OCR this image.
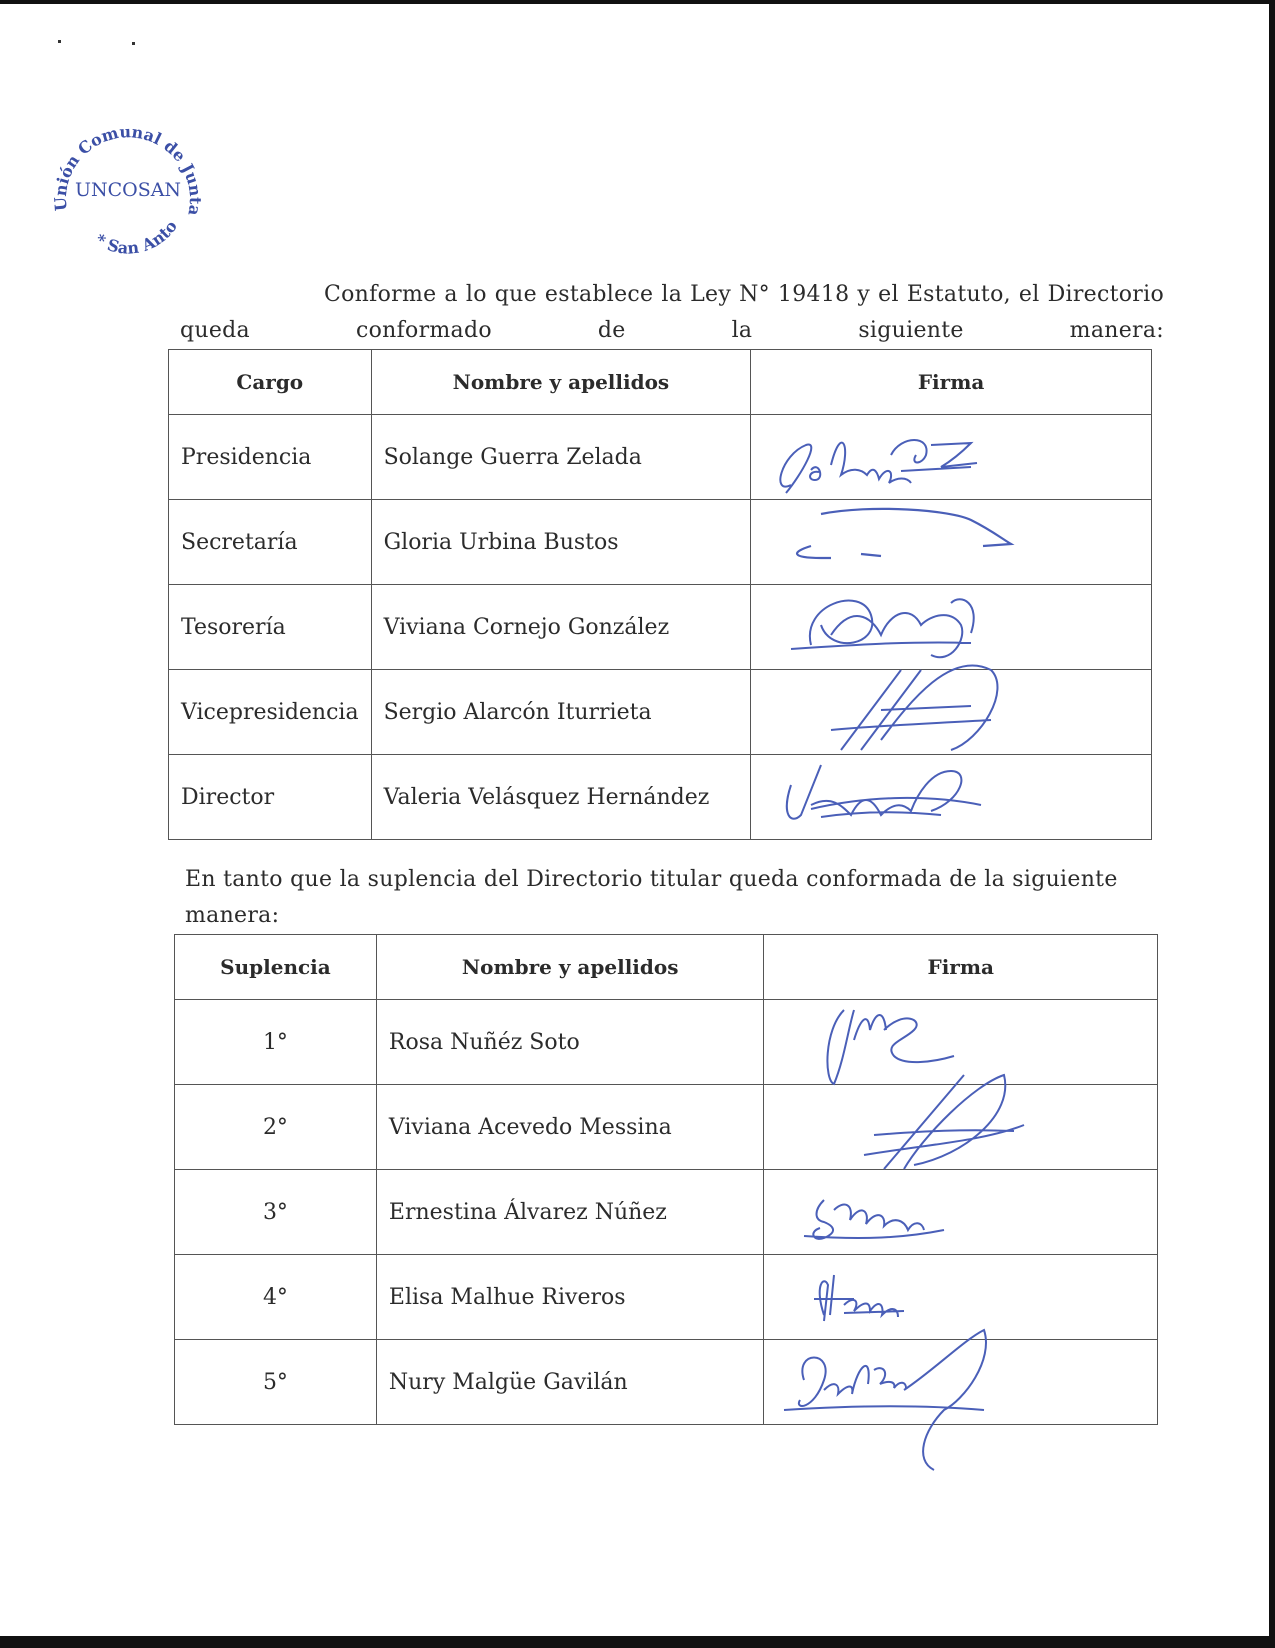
Unión Comunal de Junta
* San Anto
UNCOSAN
Conforme a lo que establece la Ley N° 19418 y el Estatuto, el Directorio queda conformado de la siguiente manera:
Cargo	Nombre y apellidos	Firma
Presidencia	Solange Guerra Zelada	

Secretaría	Gloria Urbina Bustos	

Tesorería	Viviana Cornejo González	

Vicepresidencia	Sergio Alarcón Iturrieta	

Director	Valeria Velásquez Hernández	
En tanto que la suplencia del Directorio titular queda conformada de la siguiente manera:
Suplencia	Nombre y apellidos	Firma
1°	Rosa Nuñéz Soto	

2°	Viviana Acevedo Messina	

3°	Ernestina Álvarez Núñez	

4°	Elisa Malhue Riveros	

5°	Nury Malgüe Gavilán	
